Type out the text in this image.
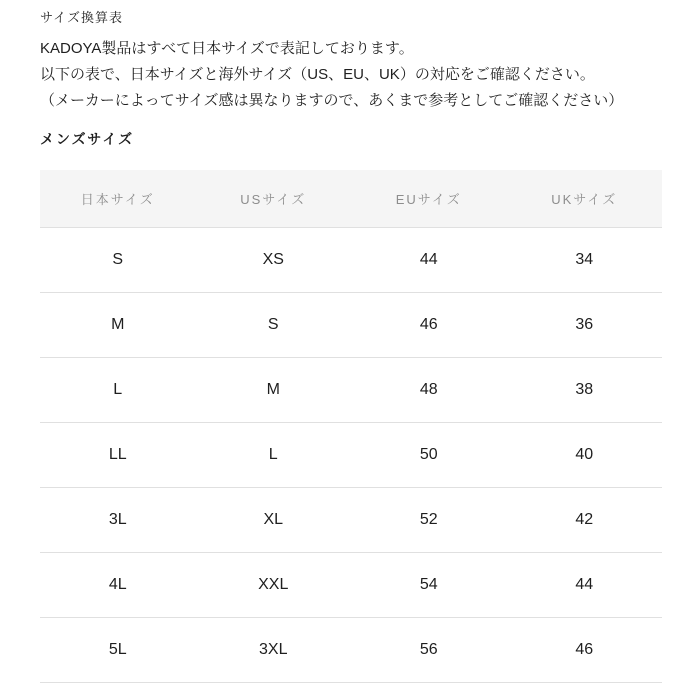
サイズ換算表
KADOYA製品はすべて日本サイズで表記しております。
以下の表で、日本サイズと海外サイズ（US、EU、UK）の対応をご確認ください。
（メーカーによってサイズ感は異なりますので、あくまで参考としてご確認ください）
メンズサイズ
日本サイズ	USサイズ	EUサイズ	UKサイズ
S	XS	44	34
M	S	46	36
L	M	48	38
LL	L	50	40
3L	XL	52	42
4L	XXL	54	44
5L	3XL	56	46
